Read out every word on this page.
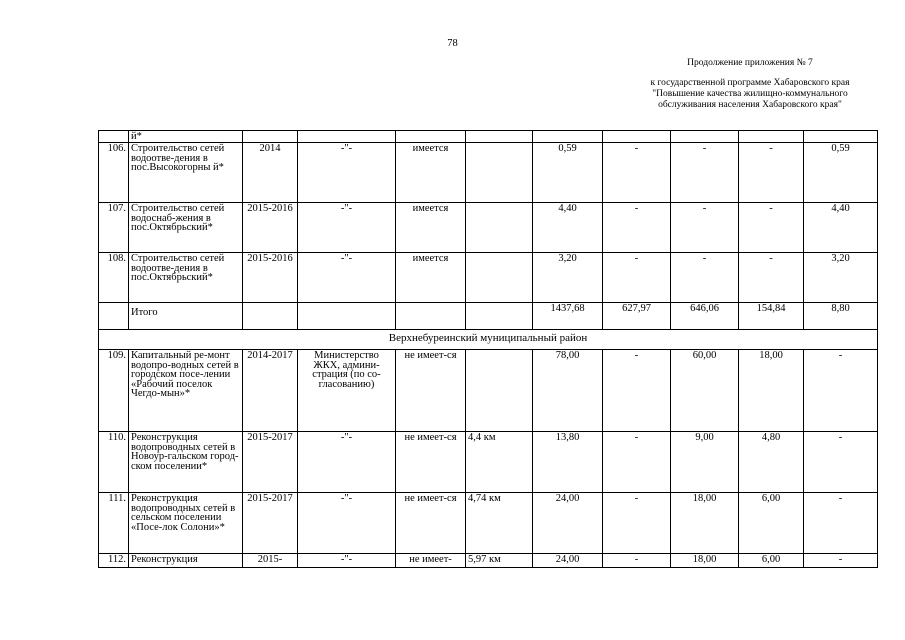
78
Продолжение приложения № 7
к государственной программе Хабаровского края
"Повышение качества жилищно-коммунального
обслуживания населения Хабаровского края"
	й*									
106.	Строительство сетей водоотве-дения в пос.Высокогорны й*	2014	-"-	имеется		0,59	-	-	-	0,59
107.	Строительство сетей водоснаб-жения в пос.Октябрьский*	2015-2016	-"-	имеется		4,40	-	-	-	4,40
108.	Строительство сетей водоотве-дения в пос.Октябрьский*	2015-2016	-"-	имеется		3,20	-	-	-	3,20
	Итого					1437,68	627,97	646,06	154,84	8,80
Верхнебуреинский муниципальный район										
109.	Капитальный ре-монт водопро-водных сетей в городском посе-лении «Рабочий поселок Чегдо-мын»*	2014-2017	Министерство ЖКХ, админи-страция (по со-гласованию)	не имеет-ся		78,00	-	60,00	18,00	-
110.	Реконструкция водопроводных сетей в Новоур-гальском город-ском поселении*	2015-2017	-"-	не имеет-ся	4,4 км	13,80	-	9,00	4,80	-
111.	Реконструкция водопроводных сетей в сельском поселении «Посе-лок Солони»*	2015-2017	-"-	не имеет-ся	4,74 км	24,00	-	18,00	6,00	-
112.	Реконструкция	2015-	-"-	не имеет-	5,97 км	24,00	-	18,00	6,00	-
